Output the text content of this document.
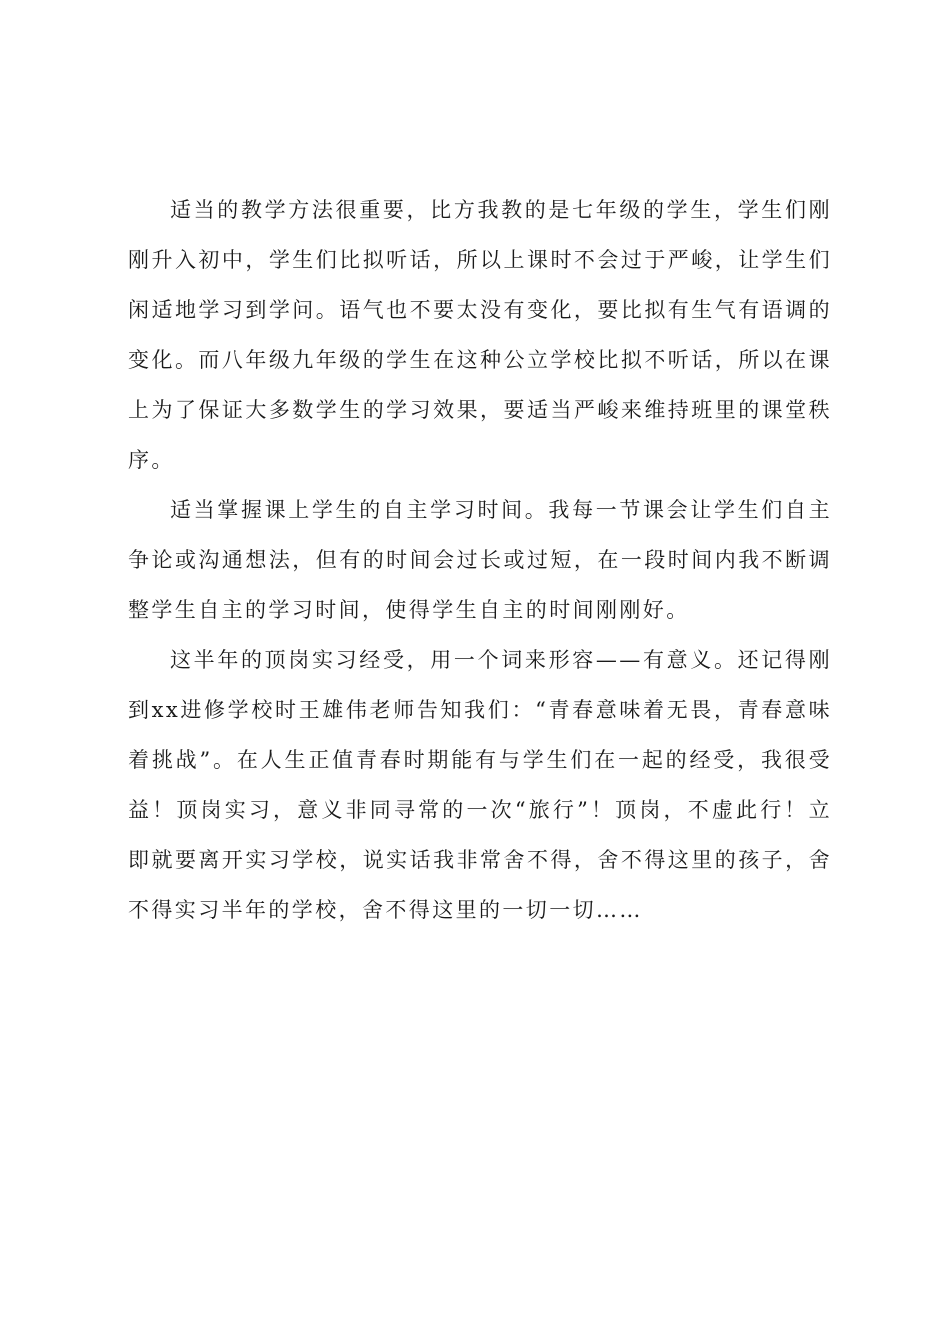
适当的教学方法很重要，比方我教的是七年级的学生，学生们刚刚升入初中，学生们比拟听话，所以上课时不会过于严峻，让学生们闲适地学习到学问。语气也不要太没有变化，要比拟有生气有语调的变化。而八年级九年级的学生在这种公立学校比拟不听话，所以在课上为了保证大多数学生的学习效果，要适当严峻来维持班里的课堂秩序。

适当掌握课上学生的自主学习时间。我每一节课会让学生们自主争论或沟通想法，但有的时间会过长或过短，在一段时间内我不断调整学生自主的学习时间，使得学生自主的时间刚刚好。

这半年的顶岗实习经受，用一个词来形容——有意义。还记得刚到xx进修学校时王雄伟老师告知我们：“青春意味着无畏，青春意味着挑战”。在人生正值青春时期能有与学生们在一起的经受，我很受益！顶岗实习，意义非同寻常的一次“旅行”！顶岗，不虚此行！立即就要离开实习学校，说实话我非常舍不得，舍不得这里的孩子，舍不得实习半年的学校，舍不得这里的一切一切……
